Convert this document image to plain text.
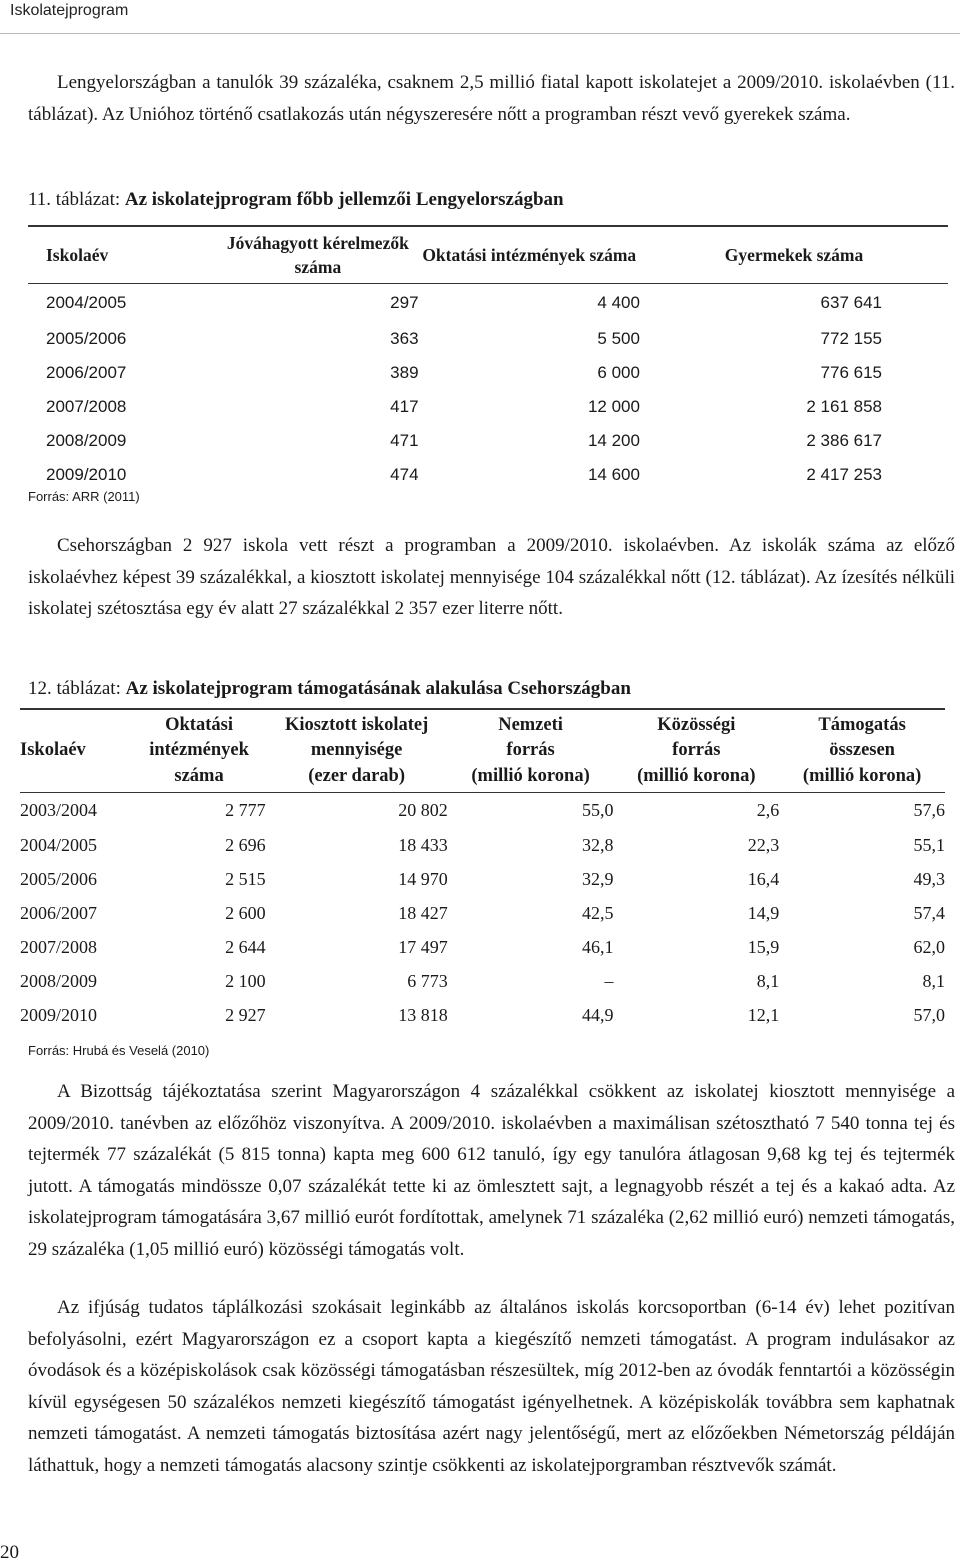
Iskolatejprogram

Lengyelországban a tanulók 39 százaléka, csaknem 2,5 millió fiatal kapott iskolatejet a 2009/2010. iskolaévben (11. táblázat). Az Unióhoz történő csatlakozás után négyszeresére nőtt a programban részt vevő gyerekek száma.

11. táblázat: Az iskolatejprogram főbb jellemzői Lengyelországban

Iskolaév	Jóváhagyott kérelmezők száma	Oktatási intézmények száma	Gyermekek száma
2004/2005	297	4 400	637 641
2005/2006	363	5 500	772 155
2006/2007	389	6 000	776 615
2007/2008	417	12 000	2 161 858
2008/2009	471	14 200	2 386 617
2009/2010	474	14 600	2 417 253
Forrás: ARR (2011)

Csehországban 2 927 iskola vett részt a programban a 2009/2010. iskolaévben. Az iskolák száma az előző iskolaévhez képest 39 százalékkal, a kiosztott iskolatej mennyisége 104 százalékkal nőtt (12. táblázat). Az ízesítés nélküli iskolatej szétosztása egy év alatt 27 százalékkal 2 357 ezer literre nőtt.

12. táblázat: Az iskolatejprogram támogatásának alakulása Csehországban

Iskolaév	Oktatási
intézmények
száma	Kiosztott iskolatej
mennyisége
(ezer darab)	Nemzeti
forrás
(millió korona)	Közösségi
forrás
(millió korona)	Támogatás
összesen
(millió korona)
2003/2004	2 777	20 802	55,0	2,6	57,6
2004/2005	2 696	18 433	32,8	22,3	55,1
2005/2006	2 515	14 970	32,9	16,4	49,3
2006/2007	2 600	18 427	42,5	14,9	57,4
2007/2008	2 644	17 497	46,1	15,9	62,0
2008/2009	2 100	6 773	–	8,1	8,1
2009/2010	2 927	13 818	44,9	12,1	57,0
Forrás: Hrubá és Veselá (2010)

A Bizottság tájékoztatása szerint Magyarországon 4 százalékkal csökkent az iskolatej kiosztott mennyisége a 2009/2010. tanévben az előzőhöz viszonyítva. A 2009/2010. iskolaévben a maximálisan szétosztható 7 540 tonna tej és tejtermék 77 százalékát (5 815 tonna) kapta meg 600 612 tanuló, így egy tanulóra átlagosan 9,68 kg tej és tejtermék jutott. A támogatás mindössze 0,07 százalékát tette ki az ömlesztett sajt, a legnagyobb részét a tej és a kakaó adta. Az iskolatejprogram támogatására 3,67 millió eurót fordítottak, amelynek 71 százaléka (2,62 millió euró) nemzeti támogatás, 29 százaléka (1,05 millió euró) közösségi támogatás volt.

Az ifjúság tudatos táplálkozási szokásait leginkább az általános iskolás korcsoportban (6-14 év) lehet pozitívan befolyásolni, ezért Magyarországon ez a csoport kapta a kiegészítő nemzeti támogatást. A program indulásakor az óvodások és a középiskolások csak közösségi támogatásban részesültek, míg 2012-ben az óvodák fenntartói a közösségin kívül egységesen 50 százalékos nemzeti kiegészítő támogatást igényelhetnek. A középiskolák továbbra sem kaphatnak nemzeti támogatást. A nemzeti támogatás biztosítása azért nagy jelentőségű, mert az előzőekben Németország példáján láthattuk, hogy a nemzeti támogatás alacsony szintje csökkenti az iskolatejporgramban résztvevők számát.

20
